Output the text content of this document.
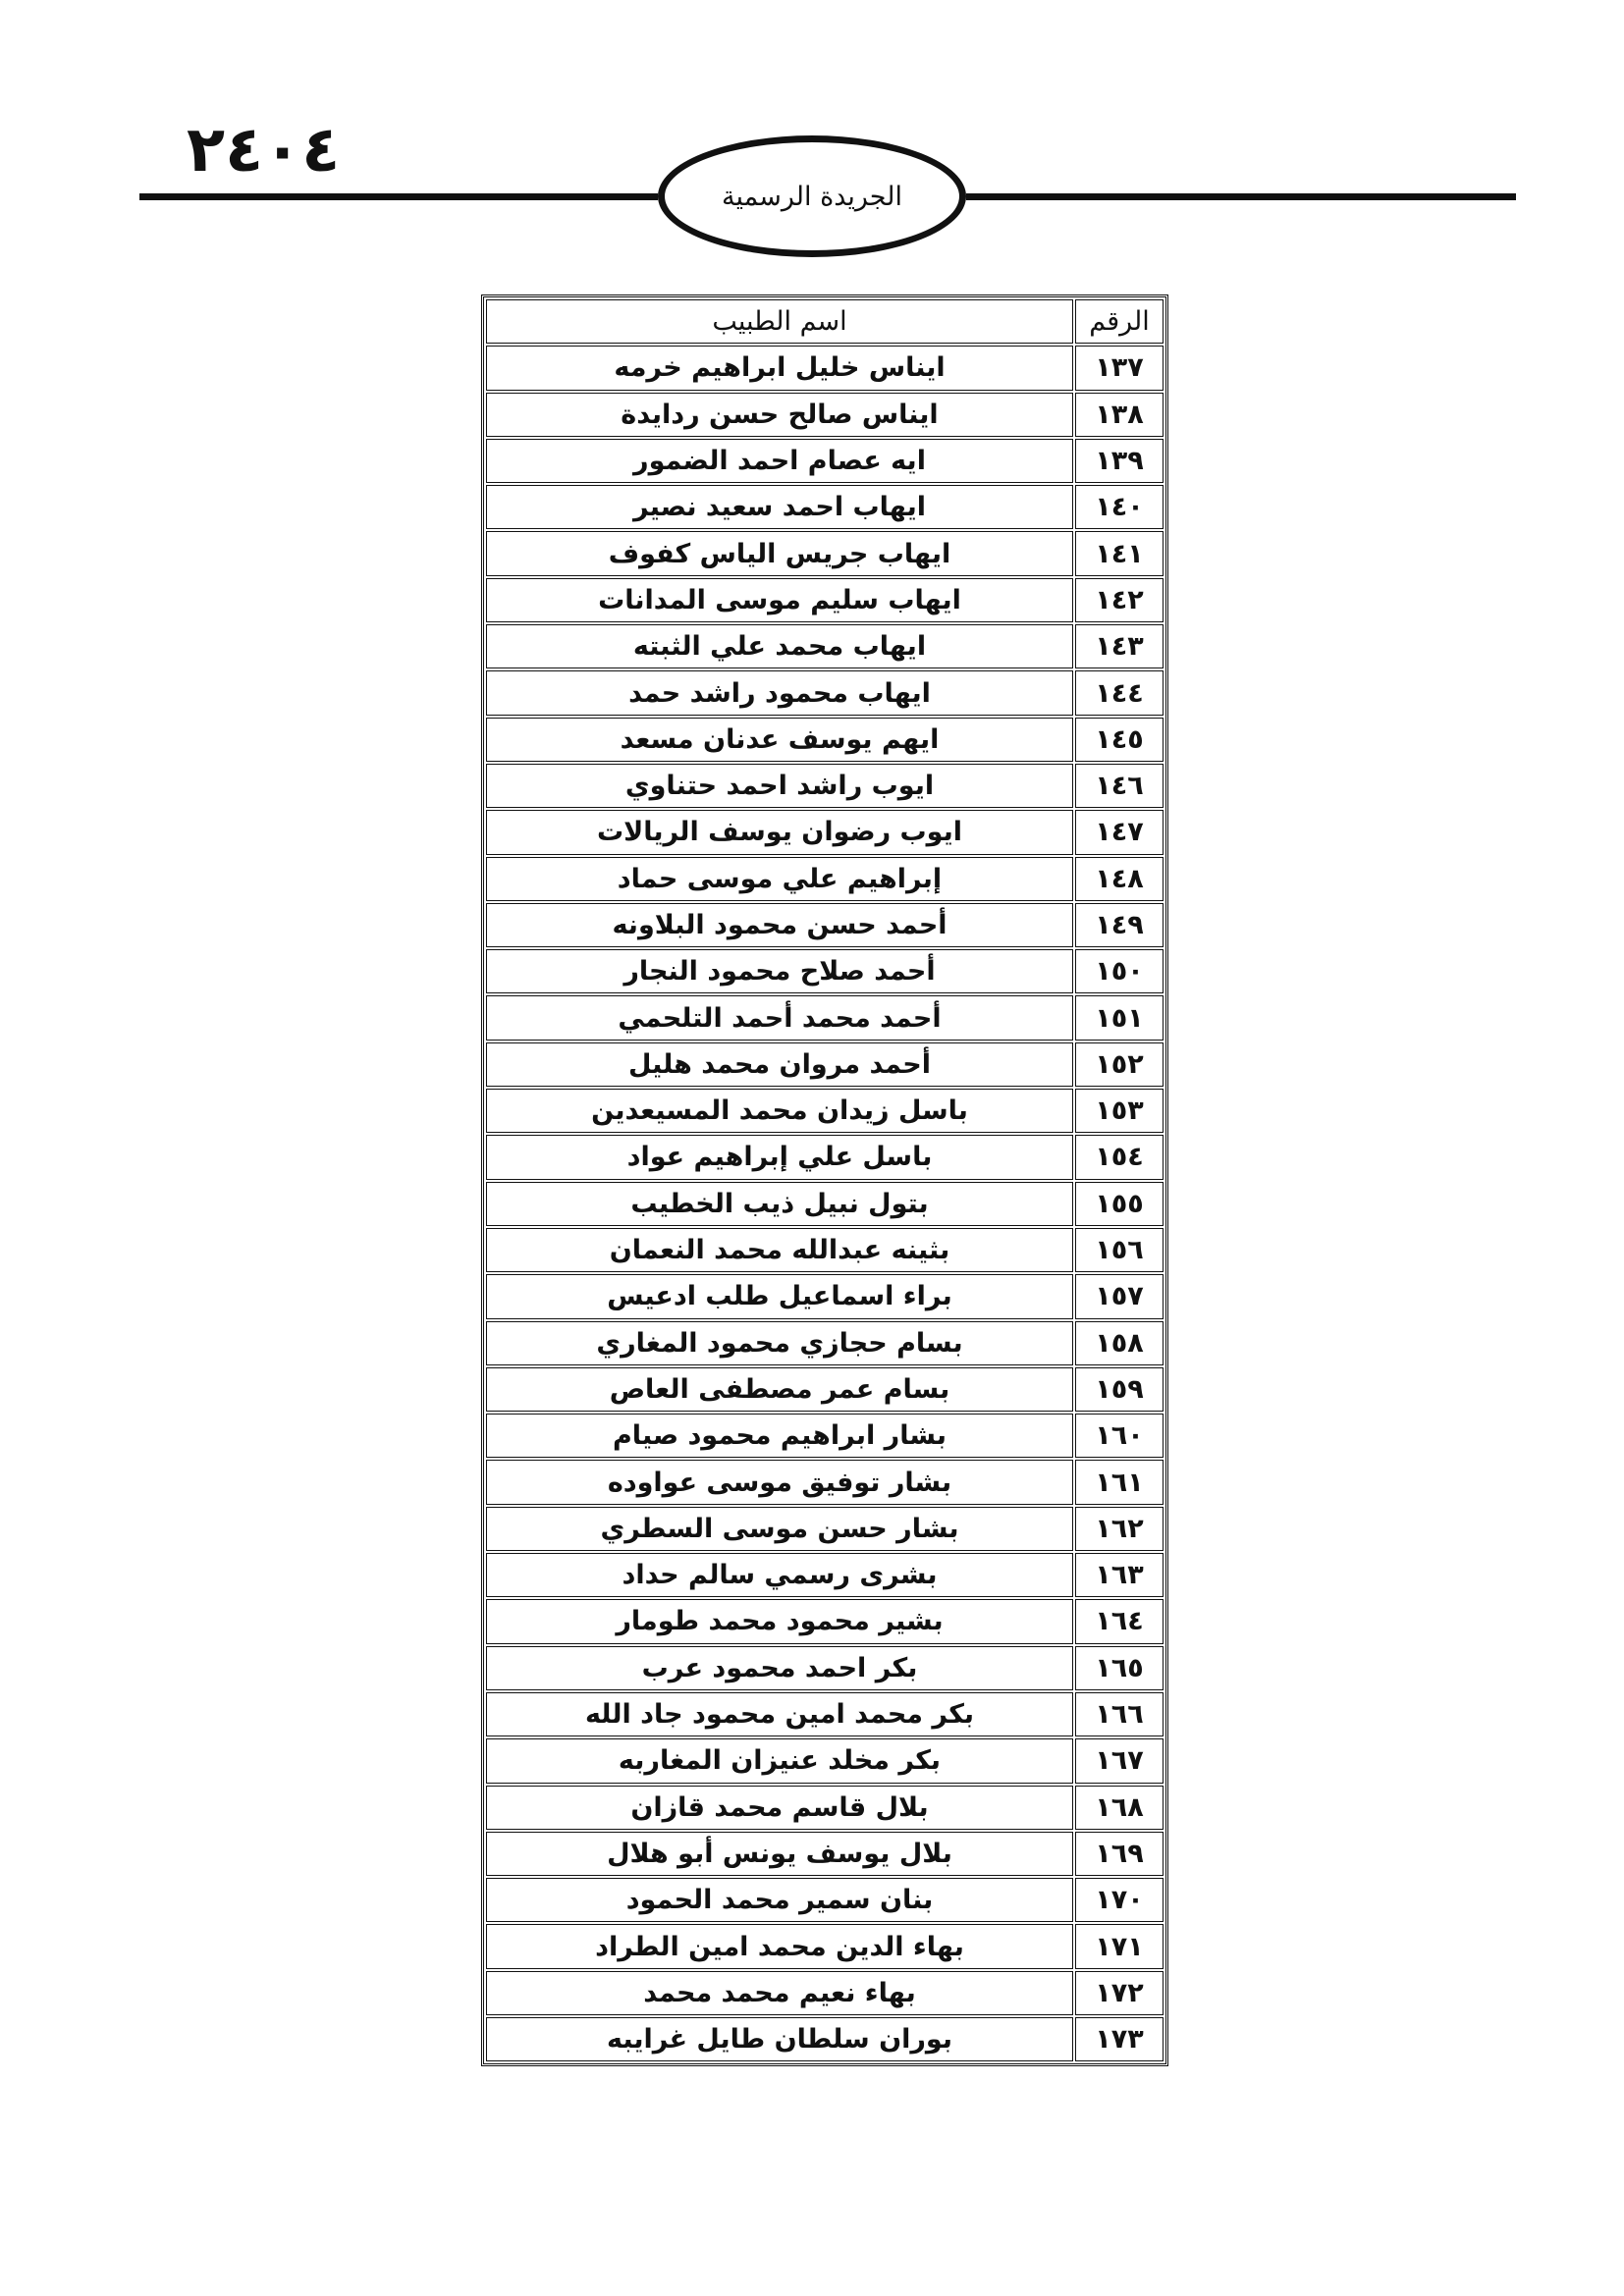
٢٤٠٤
الجريدة الرسمية
الرقم	اسم الطبيب
١٣٧	ايناس خليل ابراهيم خرمه
١٣٨	ايناس صالح حسن ردايدة
١٣٩	ايه عصام احمد الضمور
١٤٠	ايهاب احمد سعيد نصير
١٤١	ايهاب جريس الياس كفوف
١٤٢	ايهاب سليم موسى المدانات
١٤٣	ايهاب محمد علي الثبته
١٤٤	ايهاب محمود راشد حمد
١٤٥	ايهم يوسف عدنان مسعد
١٤٦	ايوب راشد احمد حتناوي
١٤٧	ايوب رضوان يوسف الريالات
١٤٨	إبراهيم علي موسى حماد
١٤٩	أحمد حسن محمود البلاونه
١٥٠	أحمد صلاح محمود النجار
١٥١	أحمد محمد أحمد التلحمي
١٥٢	أحمد مروان محمد هليل
١٥٣	باسل زيدان محمد المسيعدين
١٥٤	باسل علي إبراهيم عواد
١٥٥	بتول نبيل ذيب الخطيب
١٥٦	بثينه عبدالله محمد النعمان
١٥٧	براء اسماعيل طلب ادعيس
١٥٨	بسام حجازي محمود المغاري
١٥٩	بسام عمر مصطفى العاص
١٦٠	بشار ابراهيم محمود صيام
١٦١	بشار توفيق موسى عواوده
١٦٢	بشار حسن موسى السطري
١٦٣	بشرى رسمي سالم حداد
١٦٤	بشير محمود محمد طومار
١٦٥	بكر احمد محمود عرب
١٦٦	بكر محمد امين محمود جاد الله
١٦٧	بكر مخلد عنيزان المغاربه
١٦٨	بلال قاسم محمد قازان
١٦٩	بلال يوسف يونس أبو هلال
١٧٠	بنان سمير محمد الحمود
١٧١	بهاء الدين محمد امين الطراد
١٧٢	بهاء نعيم محمد محمد
١٧٣	بوران سلطان طايل غرايبه
